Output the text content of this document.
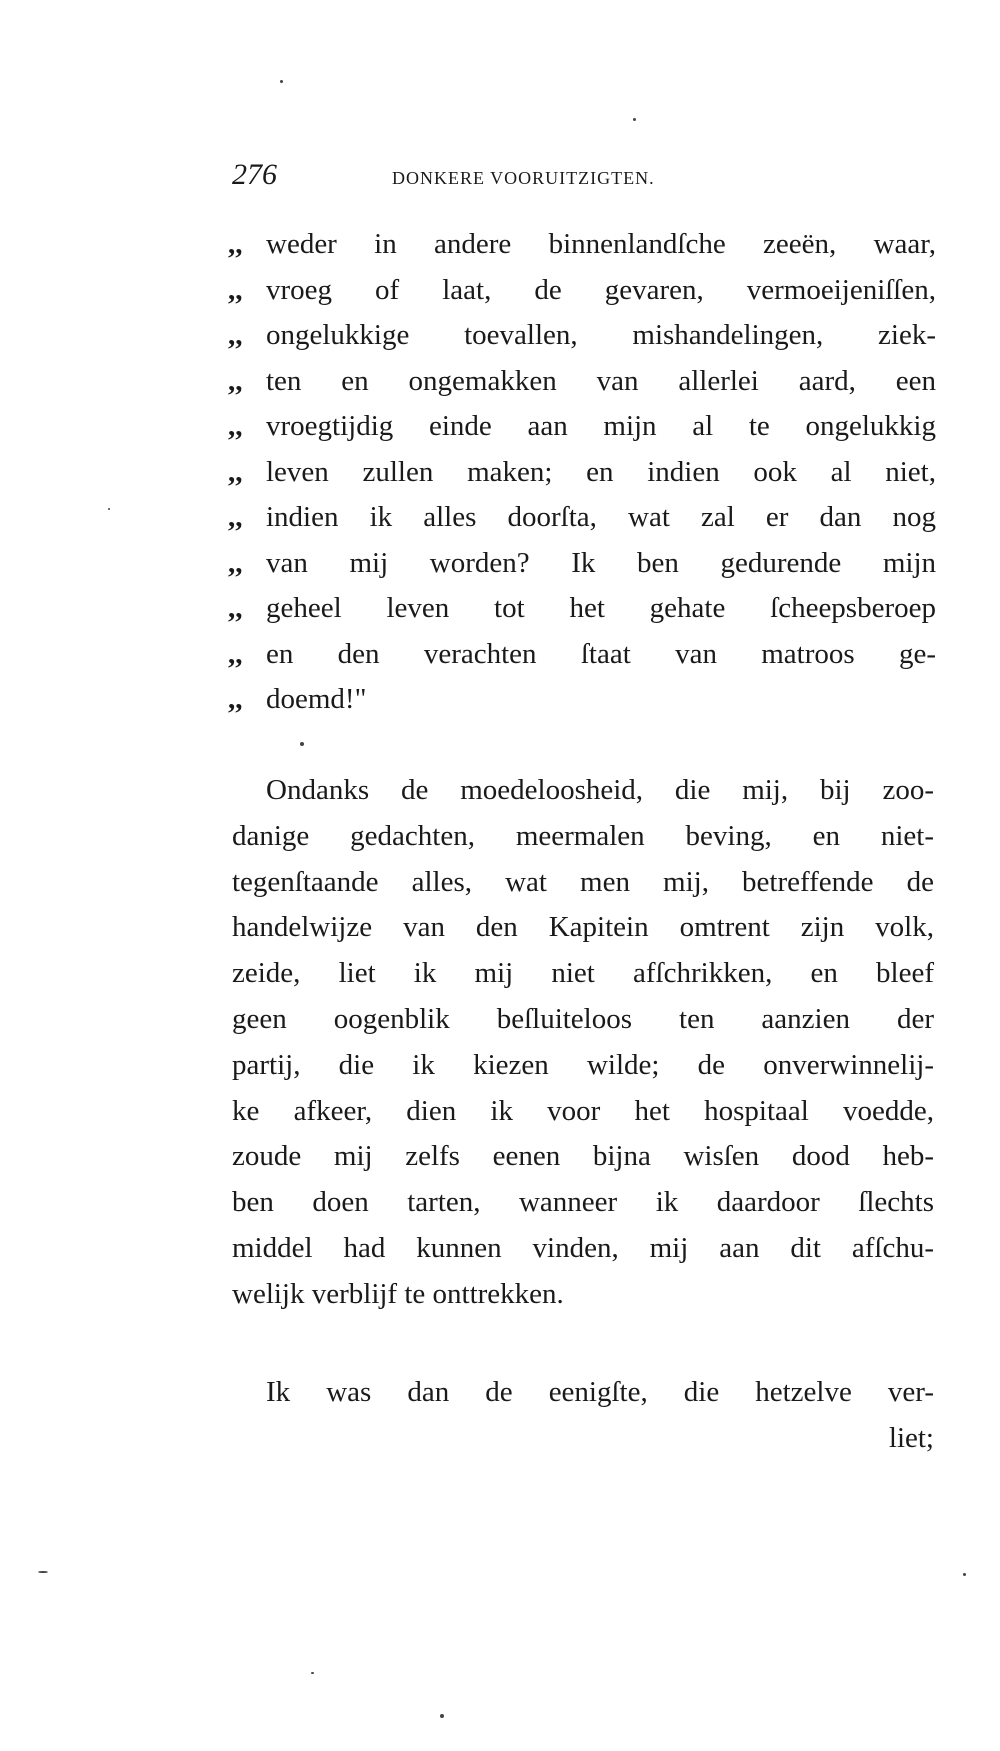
276	DONKERE VOORUITZIGTEN.
,, weder in andere binnenlandſche zeeën, waar,
,, vroeg of laat, de gevaren, vermoeijeniſſen,
,, ongelukkige toevallen, mishandelingen, ziek-
,, ten en ongemakken van allerlei aard, een
,, vroegtijdig einde aan mijn al te ongelukkig
,, leven zullen maken; en indien ook al niet,
,, indien ik alles doorſta, wat zal er dan nog
,, van mij worden? Ik ben gedurende mijn
,, geheel leven tot het gehate ſcheepsberoep
,, en den verachten ſtaat van matroos ge-
,, doemd!"
Ondanks de moedeloosheid, die mij, bij zoo-
danige gedachten, meermalen beving, en niet-
tegenſtaande alles, wat men mij, betreffende de
handelwijze van den Kapitein omtrent zijn volk,
zeide, liet ik mij niet afſchrikken, en bleef
geen oogenblik beſluiteloos ten aanzien der
partij, die ik kiezen wilde; de onverwinnelij-
ke afkeer, dien ik voor het hospitaal voedde,
zoude mij zelfs eenen bijna wisſen dood heb-
ben doen tarten, wanneer ik daardoor ſlechts
middel had kunnen vinden, mij aan dit afſchu-
welijk verblijf te onttrekken.
Ik was dan de eenigſte, die hetzelve ver-
liet;
